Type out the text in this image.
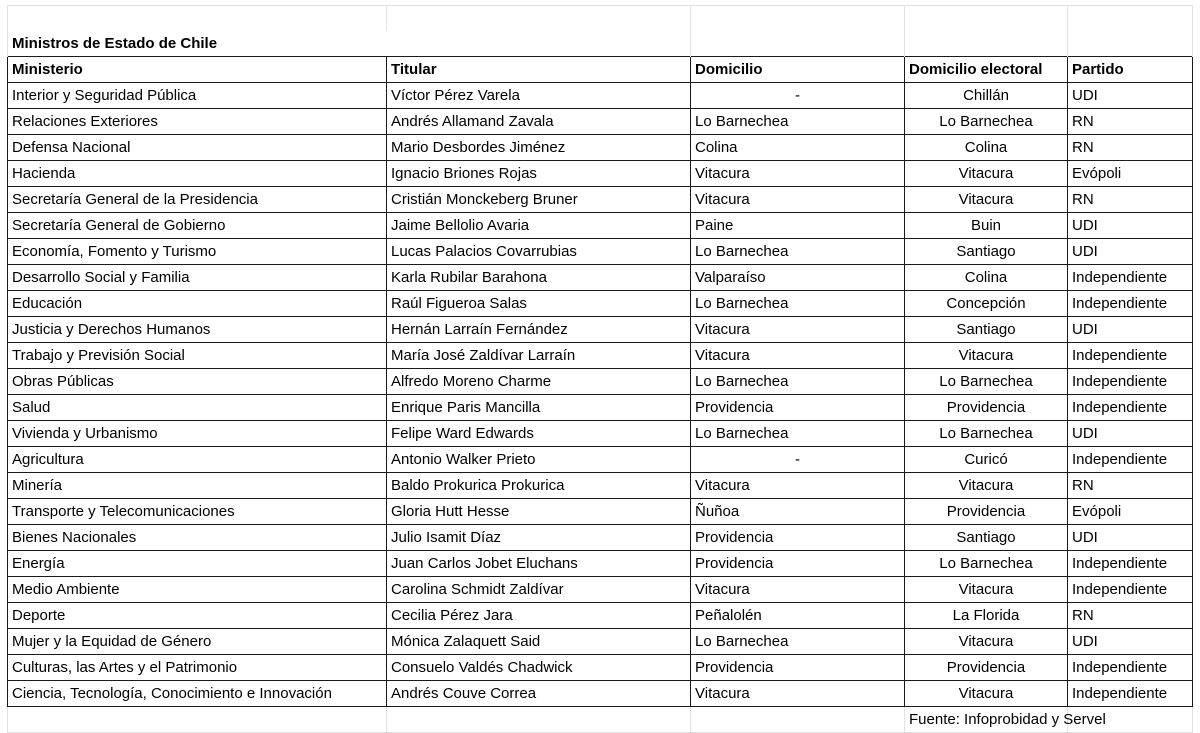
Ministros de Estado de Chile				
Ministerio	Titular	Domicilio	Domicilio electoral	Partido
Interior y Seguridad Pública	Víctor Pérez Varela	-	Chillán	UDI
Relaciones Exteriores	Andrés Allamand Zavala	Lo Barnechea	Lo Barnechea	RN
Defensa Nacional	Mario Desbordes Jiménez	Colina	Colina	RN
Hacienda	Ignacio Briones Rojas	Vitacura	Vitacura	Evópoli
Secretaría General de la Presidencia	Cristián Monckeberg Bruner	Vitacura	Vitacura	RN
Secretaría General de Gobierno	Jaime Bellolio Avaria	Paine	Buin	UDI
Economía, Fomento y Turismo	Lucas Palacios Covarrubias	Lo Barnechea	Santiago	UDI
Desarrollo Social y Familia	Karla Rubilar Barahona	Valparaíso	Colina	Independiente
Educación	Raúl Figueroa Salas	Lo Barnechea	Concepción	Independiente
Justicia y Derechos Humanos	Hernán Larraín Fernández	Vitacura	Santiago	UDI
Trabajo y Previsión Social	María José Zaldívar Larraín	Vitacura	Vitacura	Independiente
Obras Públicas	Alfredo Moreno Charme	Lo Barnechea	Lo Barnechea	Independiente
Salud	Enrique Paris Mancilla	Providencia	Providencia	Independiente
Vivienda y Urbanismo	Felipe Ward Edwards	Lo Barnechea	Lo Barnechea	UDI
Agricultura	Antonio Walker Prieto	-	Curicó	Independiente
Minería	Baldo Prokurica Prokurica	Vitacura	Vitacura	RN
Transporte y Telecomunicaciones	Gloria Hutt Hesse	Ñuñoa	Providencia	Evópoli
Bienes Nacionales	Julio Isamit Díaz	Providencia	Santiago	UDI
Energía	Juan Carlos Jobet Eluchans	Providencia	Lo Barnechea	Independiente
Medio Ambiente	Carolina Schmidt Zaldívar	Vitacura	Vitacura	Independiente
Deporte	Cecilia Pérez Jara	Peñalolén	La Florida	RN
Mujer y la Equidad de Género	Mónica Zalaquett Said	Lo Barnechea	Vitacura	UDI
Culturas, las Artes y el Patrimonio	Consuelo Valdés Chadwick	Providencia	Providencia	Independiente
Ciencia, Tecnología, Conocimiento e Innovación	Andrés Couve Correa	Vitacura	Vitacura	Independiente
			Fuente: Infoprobidad y Servel	
